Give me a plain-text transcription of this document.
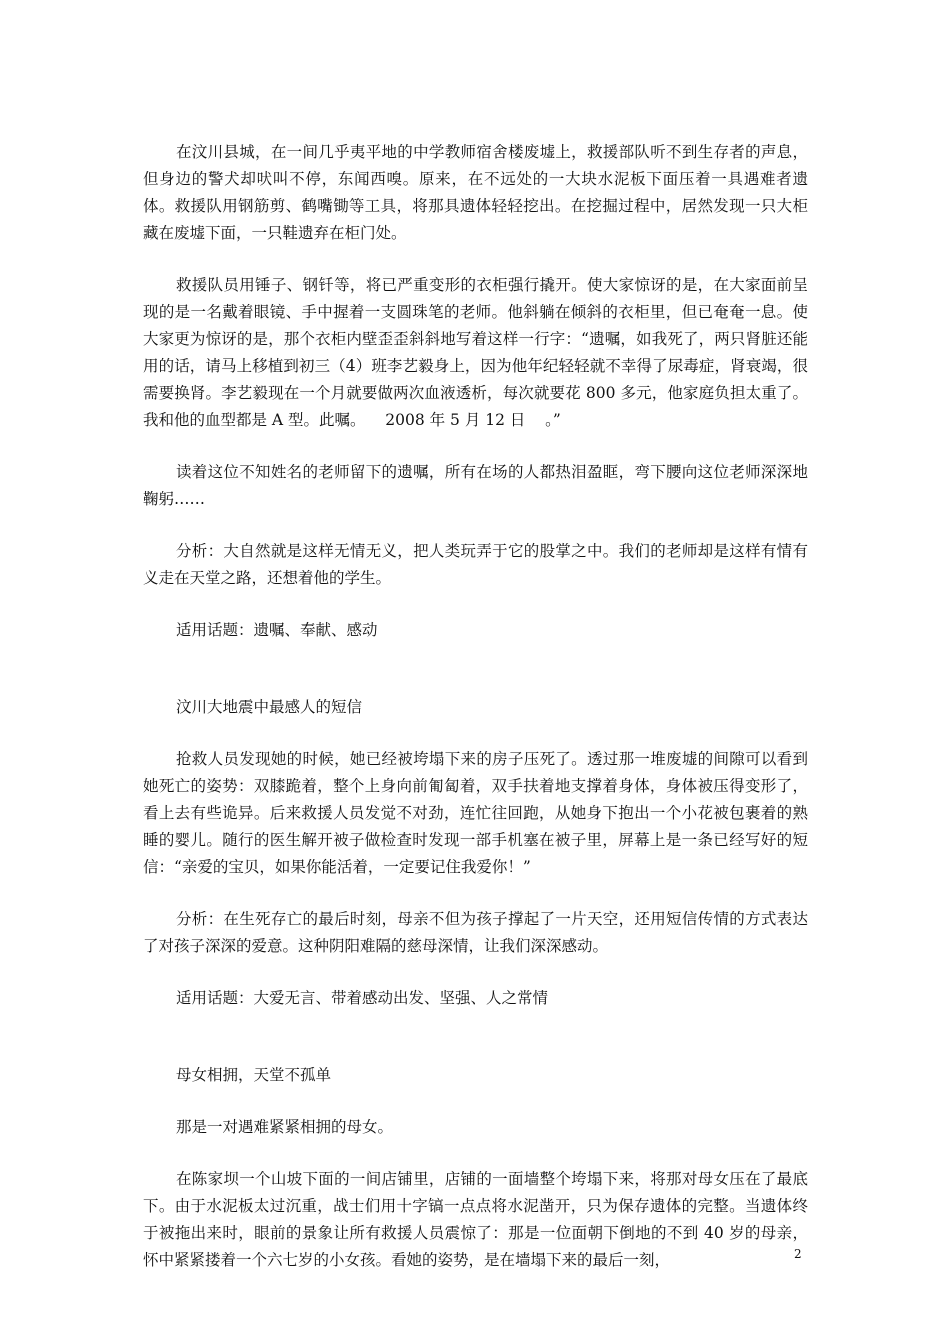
在汶川县城，在一间几乎夷平地的中学教师宿舍楼废墟上，救援部队听不到生存者的声息，但身边的警犬却吠叫不停，东闻西嗅。原来，在不远处的一大块水泥板下面压着一具遇难者遗体。救援队用钢筋剪、鹤嘴锄等工具，将那具遗体轻轻挖出。在挖掘过程中，居然发现一只大柜藏在废墟下面，一只鞋遗弃在柜门处。

救援队员用锤子、钢钎等，将已严重变形的衣柜强行撬开。使大家惊讶的是，在大家面前呈现的是一名戴着眼镜、手中握着一支圆珠笔的老师。他斜躺在倾斜的衣柜里，但已奄奄一息。使大家更为惊讶的是，那个衣柜内壁歪歪斜斜地写着这样一行字：“遗嘱，如我死了，两只肾脏还能用的话，请马上移植到初三（4）班李艺毅身上，因为他年纪轻轻就不幸得了尿毒症，肾衰竭，很需要换肾。李艺毅现在一个月就要做两次血液透析，每次就要花 800 多元，他家庭负担太重了。我和他的血型都是 A 型。此嘱。    2008 年 5 月 12 日    。”

读着这位不知姓名的老师留下的遗嘱，所有在场的人都热泪盈眶，弯下腰向这位老师深深地鞠躬……

分析：大自然就是这样无情无义，把人类玩弄于它的股掌之中。我们的老师却是这样有情有义走在天堂之路，还想着他的学生。

适用话题：遗嘱、奉献、感动

汶川大地震中最感人的短信

抢救人员发现她的时候，她已经被垮塌下来的房子压死了。透过那一堆废墟的间隙可以看到她死亡的姿势：双膝跪着，整个上身向前匍匐着，双手扶着地支撑着身体，身体被压得变形了，看上去有些诡异。后来救援人员发觉不对劲，连忙往回跑，从她身下抱出一个小花被包裹着的熟睡的婴儿。随行的医生解开被子做检查时发现一部手机塞在被子里，屏幕上是一条已经写好的短信：“亲爱的宝贝，如果你能活着，一定要记住我爱你！”

分析：在生死存亡的最后时刻，母亲不但为孩子撑起了一片天空，还用短信传情的方式表达了对孩子深深的爱意。这种阴阳难隔的慈母深情，让我们深深感动。

适用话题：大爱无言、带着感动出发、坚强、人之常情

母女相拥，天堂不孤单

那是一对遇难紧紧相拥的母女。

在陈家坝一个山坡下面的一间店铺里，店铺的一面墙整个垮塌下来，将那对母女压在了最底下。由于水泥板太过沉重，战士们用十字镐一点点将水泥凿开，只为保存遗体的完整。当遗体终于被拖出来时，眼前的景象让所有救援人员震惊了：那是一位面朝下倒地的不到 40 岁的母亲，怀中紧紧搂着一个六七岁的小女孩。看她的姿势，是在墙塌下来的最后一刻，	2
